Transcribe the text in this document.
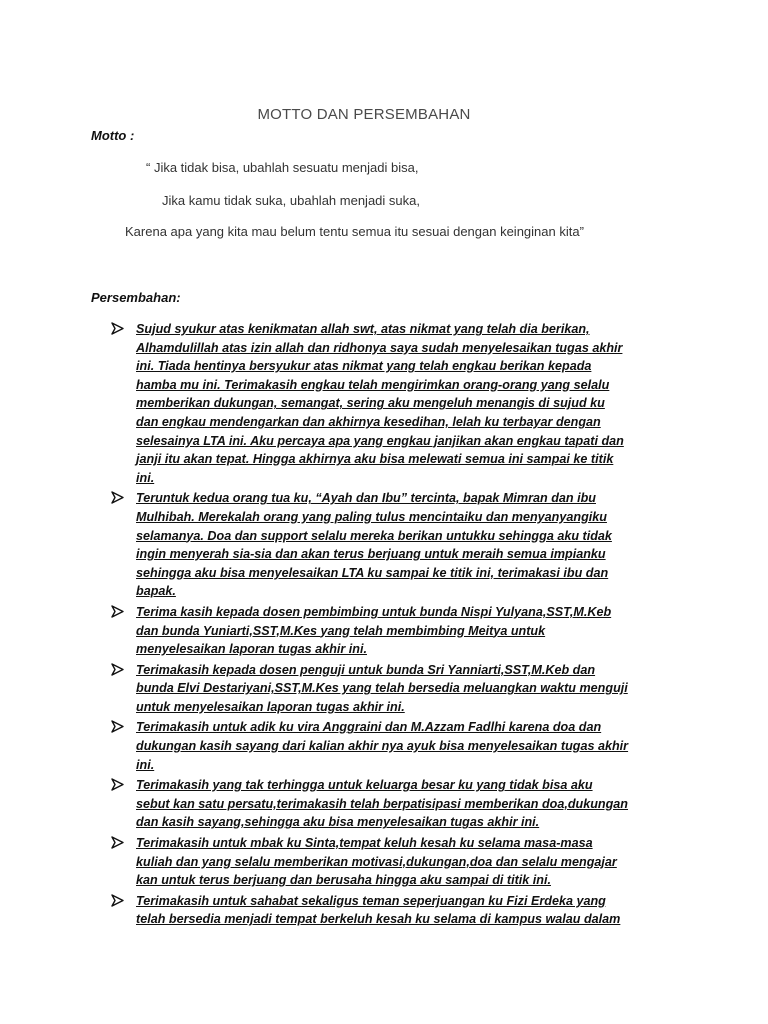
MOTTO DAN PERSEMBAHAN
Motto :
“ Jika tidak bisa, ubahlah sesuatu menjadi bisa,
Jika kamu tidak suka, ubahlah menjadi suka,
Karena apa yang kita mau belum tentu semua itu sesuai dengan keinginan kita”
Persembahan:
Sujud syukur atas kenikmatan allah swt, atas nikmat yang telah dia berikan,
Alhamdulillah atas izin allah dan ridhonya saya sudah menyelesaikan tugas akhir
ini. Tiada hentinya bersyukur atas nikmat yang telah engkau berikan kepada
hamba mu ini. Terimakasih engkau telah mengirimkan orang-orang yang selalu
memberikan dukungan, semangat, sering aku mengeluh menangis di sujud ku
dan engkau mendengarkan dan akhirnya kesedihan, lelah ku terbayar dengan
selesainya LTA ini. Aku percaya apa yang engkau janjikan akan engkau tapati dan
janji itu akan tepat. Hingga akhirnya aku bisa melewati semua ini sampai ke titik
ini.
Teruntuk kedua orang tua ku, “Ayah dan Ibu” tercinta, bapak Mimran dan ibu
Mulhibah. Merekalah orang yang paling tulus mencintaiku dan menyanyangiku
selamanya. Doa dan support selalu mereka berikan untukku sehingga aku tidak
ingin menyerah sia-sia dan akan terus berjuang untuk meraih semua impianku
sehingga aku bisa menyelesaikan LTA ku sampai ke titik ini, terimakasi ibu dan
bapak.
Terima kasih kepada dosen pembimbing untuk bunda Nispi Yulyana,SST,M.Keb
dan bunda Yuniarti,SST,M.Kes yang telah membimbing Meitya untuk
menyelesaikan laporan tugas akhir ini.
Terimakasih kepada dosen penguji untuk bunda Sri Yanniarti,SST,M.Keb dan
bunda Elvi Destariyani,SST,M.Kes yang telah bersedia meluangkan waktu menguji
untuk menyelesaikan laporan tugas akhir ini.
Terimakasih untuk adik ku vira Anggraini dan M.Azzam Fadlhi karena doa dan
dukungan kasih sayang dari kalian akhir nya ayuk bisa menyelesaikan tugas akhir
ini.
Terimakasih yang tak terhingga untuk keluarga besar ku yang tidak bisa aku
sebut kan satu persatu,terimakasih telah berpatisipasi memberikan doa,dukungan
dan kasih sayang,sehingga aku bisa menyelesaikan tugas akhir ini.
Terimakasih untuk mbak ku Sinta,tempat keluh kesah ku selama masa-masa
kuliah dan yang selalu memberikan motivasi,dukungan,doa dan selalu mengajar
kan untuk terus berjuang dan berusaha hingga aku sampai di titik ini.
Terimakasih untuk sahabat sekaligus teman seperjuangan ku Fizi Erdeka yang
telah bersedia menjadi tempat berkeluh kesah ku selama di kampus walau dalam
